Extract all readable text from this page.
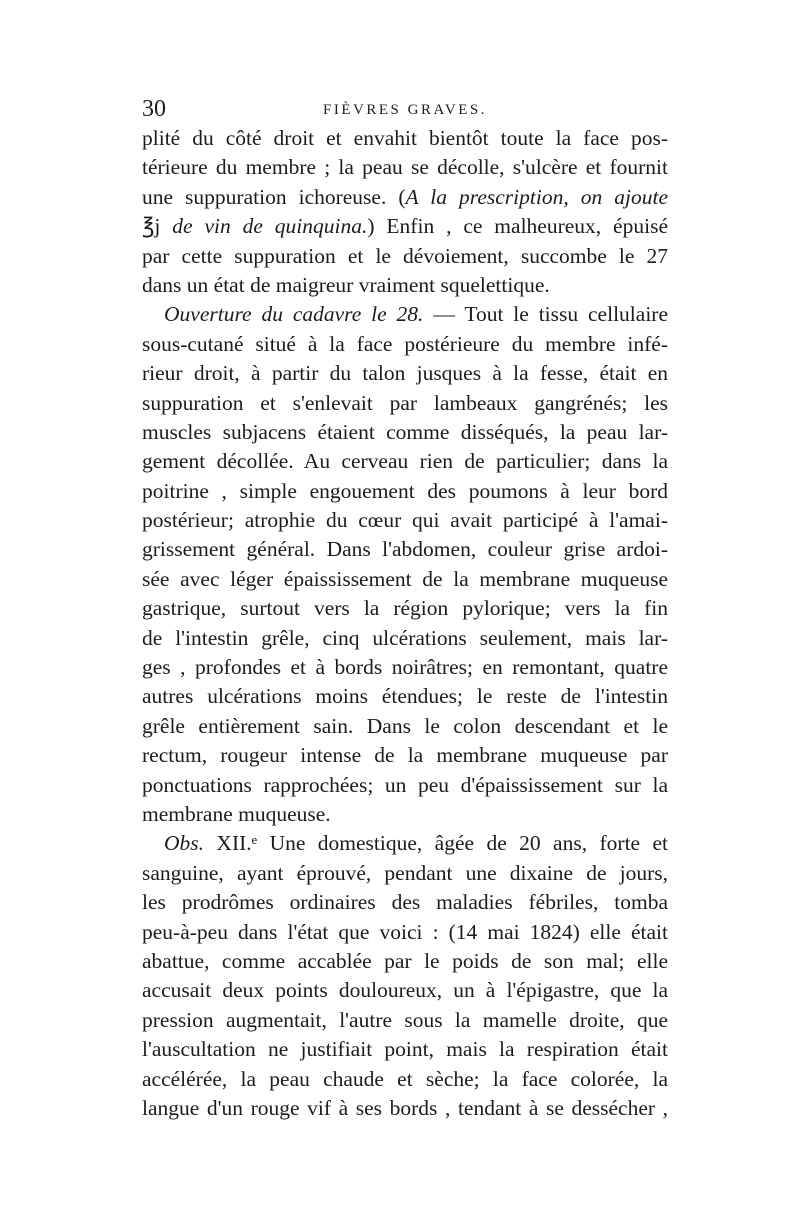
30	FIÈVRES GRAVES.
plité du côté droit et envahit bientôt toute la face pos-
térieure du membre ; la peau se décolle, s'ulcère et fournit
une suppuration ichoreuse. (A la prescription, on ajoute
℥j de vin de quinquina.) Enfin , ce malheureux, épuisé
par cette suppuration et le dévoiement, succombe le 27
dans un état de maigreur vraiment squelettique.
Ouverture du cadavre le 28. — Tout le tissu cellulaire
sous-cutané situé à la face postérieure du membre infé-
rieur droit, à partir du talon jusques à la fesse, était en
suppuration et s'enlevait par lambeaux gangrénés; les
muscles subjacens étaient comme disséqués, la peau lar-
gement décollée. Au cerveau rien de particulier; dans la
poitrine , simple engouement des poumons à leur bord
postérieur; atrophie du cœur qui avait participé à l'amai-
grissement général. Dans l'abdomen, couleur grise ardoi-
sée avec léger épaississement de la membrane muqueuse
gastrique, surtout vers la région pylorique; vers la fin
de l'intestin grêle, cinq ulcérations seulement, mais lar-
ges , profondes et à bords noirâtres; en remontant, quatre
autres ulcérations moins étendues; le reste de l'intestin
grêle entièrement sain. Dans le colon descendant et le
rectum, rougeur intense de la membrane muqueuse par
ponctuations rapprochées; un peu d'épaississement sur la
membrane muqueuse.
Obs. XII.ᵉ Une domestique, âgée de 20 ans, forte et
sanguine, ayant éprouvé, pendant une dixaine de jours,
les prodrômes ordinaires des maladies fébriles, tomba
peu-à-peu dans l'état que voici : (14 mai 1824) elle était
abattue, comme accablée par le poids de son mal; elle
accusait deux points douloureux, un à l'épigastre, que la
pression augmentait, l'autre sous la mamelle droite, que
l'auscultation ne justifiait point, mais la respiration était
accélérée, la peau chaude et sèche; la face colorée, la
langue d'un rouge vif à ses bords , tendant à se dessécher ,
